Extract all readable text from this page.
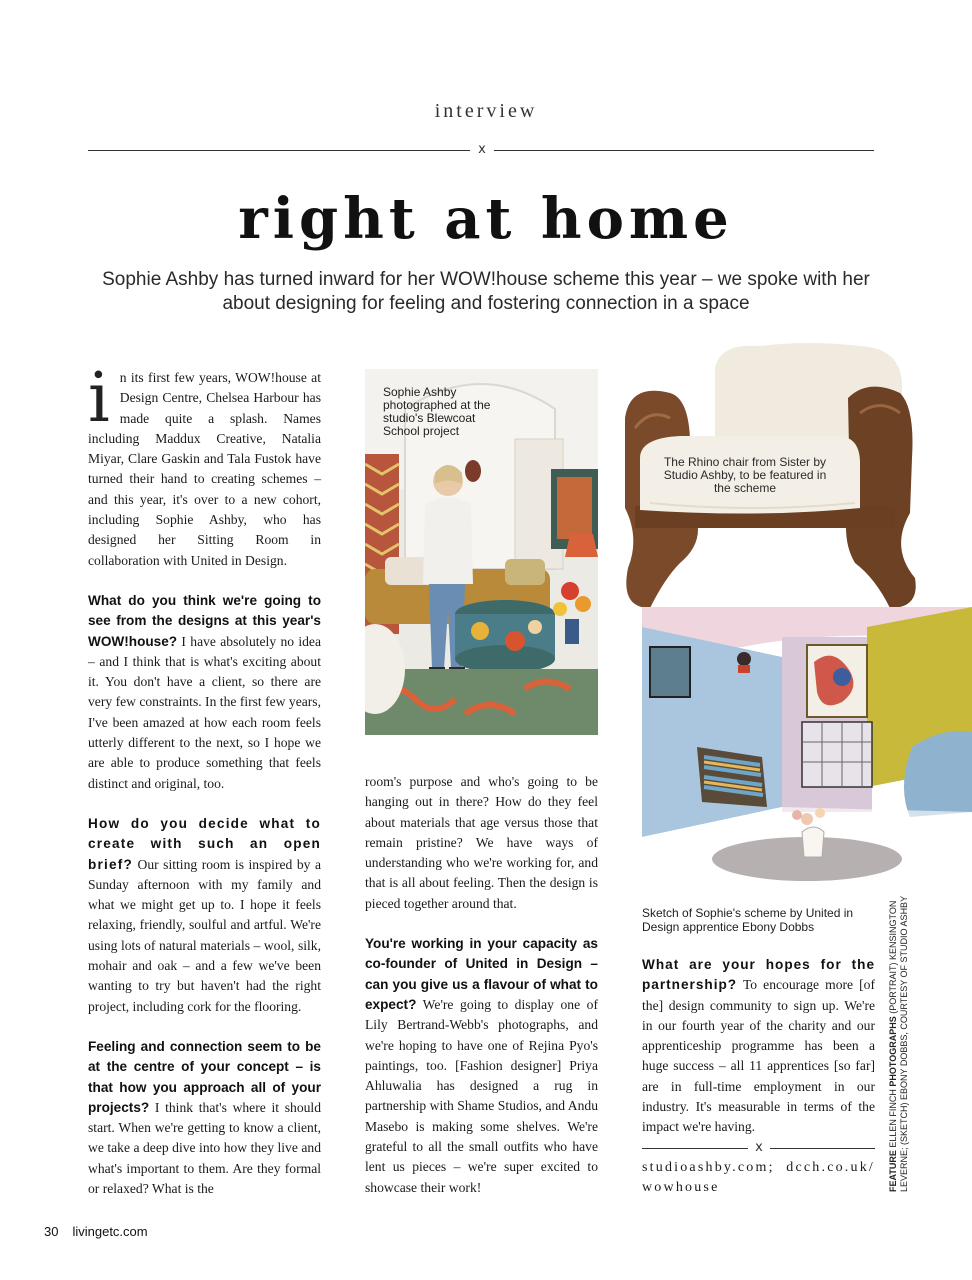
interview
x
right at home
Sophie Ashby has turned inward for her WOW!house scheme this year – we spoke with her about designing for feeling and fostering connection in a space

in its first few years, WOW!house at Design Centre, Chelsea Harbour has made quite a splash. Names including Maddux Creative, Natalia Miyar, Clare Gaskin and Tala Fustok have turned their hand to creating schemes – and this year, it's over to a new cohort, including Sophie Ashby, who has designed her Sitting Room in collaboration with United in Design.

What do you think we're going to see from the designs at this year's WOW!house? I have absolutely no idea – and I think that is what's exciting about it. You don't have a client, so there are very few constraints. In the first few years, I've been amazed at how each room feels utterly different to the next, so I hope we are able to produce something that feels distinct and original, too.

How do you decide what to create with such an open brief? Our sitting room is inspired by a Sunday afternoon with my family and what we might get up to. I hope it feels relaxing, friendly, soulful and artful. We're using lots of natural materials – wool, silk, mohair and oak – and a few we've been wanting to try but haven't had the right project, including cork for the flooring.

Feeling and connection seem to be at the centre of your concept – is that how you approach all of your projects? I think that's where it should start. When we're getting to know a client, we take a deep dive into how they live and what's important to them. Are they formal or relaxed? What is the

Sophie Ashby photographed at the studio's Blewcoat School project

room's purpose and who's going to be hanging out in there? How do they feel about materials that age versus those that remain pristine? We have ways of understanding who we're working for, and that is all about feeling. Then the design is pieced together around that.

You're working in your capacity as co-founder of United in Design – can you give us a flavour of what to expect? We're going to display one of Lily Bertrand-Webb's photographs, and we're hoping to have one of Rejina Pyo's paintings, too. [Fashion designer] Priya Ahluwalia has designed a rug in partnership with Shame Studios, and Andu Masebo is making some shelves. We're grateful to all the small outfits who have lent us pieces – we're super excited to showcase their work!

The Rhino chair from Sister by Studio Ashby, to be featured in the scheme
Sketch of Sophie's scheme by United in Design apprentice Ebony Dobbs

What are your hopes for the partnership? To encourage more [of the] design community to sign up. We're in our fourth year of the charity and our apprenticeship programme has been a huge success – all 11 apprentices [so far] are in full-time employment in our industry. It's measurable in terms of the impact we're having.

x
studioashby.com; dcch.co.uk/ wowhouse	FEATURE ELLEN FINCH PHOTOGRAPHS (PORTRAIT) KENSINGTON LEVERNE; (SKETCH) EBONY DOBBS, COURTESY OF STUDIO ASHBY
30 livingetc.com
